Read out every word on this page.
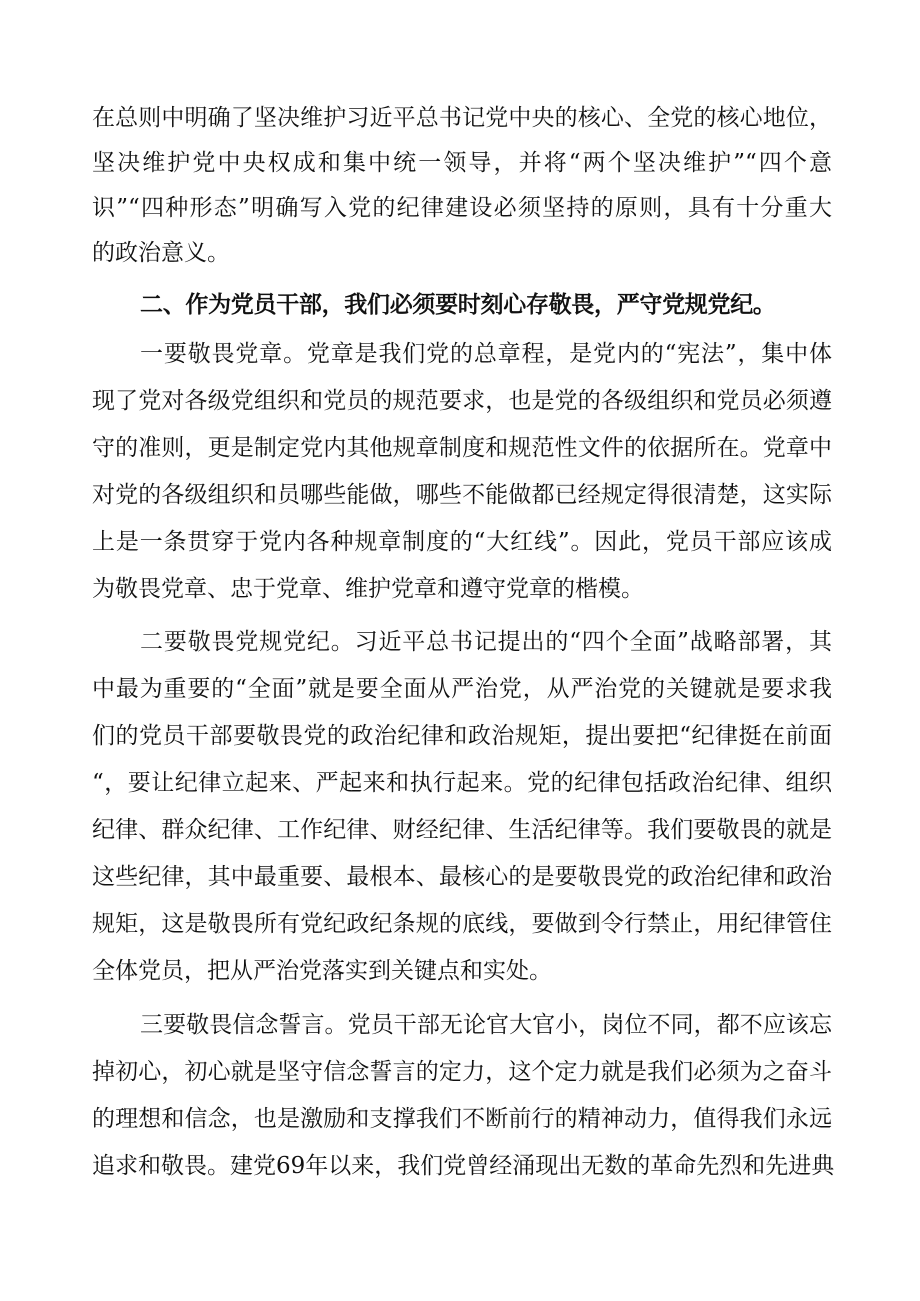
在总则中明确了坚决维护习近平总书记党中央的核心、全党的核心地位，
坚决维护党中央权成和集中统一领导，并将“两个坚决维护”“四个意
识”“四种形态”明确写入党的纪律建设必须坚持的原则，具有十分重大
的政治意义。
二、作为党员干部，我们必须要时刻心存敬畏，严守党规党纪。
一要敬畏党章。党章是我们党的总章程，是党内的“宪法”，集中体
现了党对各级党组织和党员的规范要求，也是党的各级组织和党员必须遵
守的准则，更是制定党内其他规章制度和规范性文件的依据所在。党章中
对党的各级组织和员哪些能做，哪些不能做都已经规定得很清楚，这实际
上是一条贯穿于党内各种规章制度的“大红线”。因此，党员干部应该成
为敬畏党章、忠于党章、维护党章和遵守党章的楷模。
二要敬畏党规党纪。习近平总书记提出的“四个全面”战略部署，其
中最为重要的“全面”就是要全面从严治党，从严治党的关键就是要求我
们的党员干部要敬畏党的政治纪律和政治规矩，提出要把“纪律挺在前面
“，要让纪律立起来、严起来和执行起来。党的纪律包括政治纪律、组织
纪律、群众纪律、工作纪律、财经纪律、生活纪律等。我们要敬畏的就是
这些纪律，其中最重要、最根本、最核心的是要敬畏党的政治纪律和政治
规矩，这是敬畏所有党纪政纪条规的底线，要做到令行禁止，用纪律管住
全体党员，把从严治党落实到关键点和实处。
三要敬畏信念誓言。党员干部无论官大官小，岗位不同，都不应该忘
掉初心，初心就是坚守信念誓言的定力，这个定力就是我们必须为之奋斗
的理想和信念，也是激励和支撑我们不断前行的精神动力，值得我们永远
追求和敬畏。建党69年以来，我们党曾经涌现出无数的革命先烈和先进典
